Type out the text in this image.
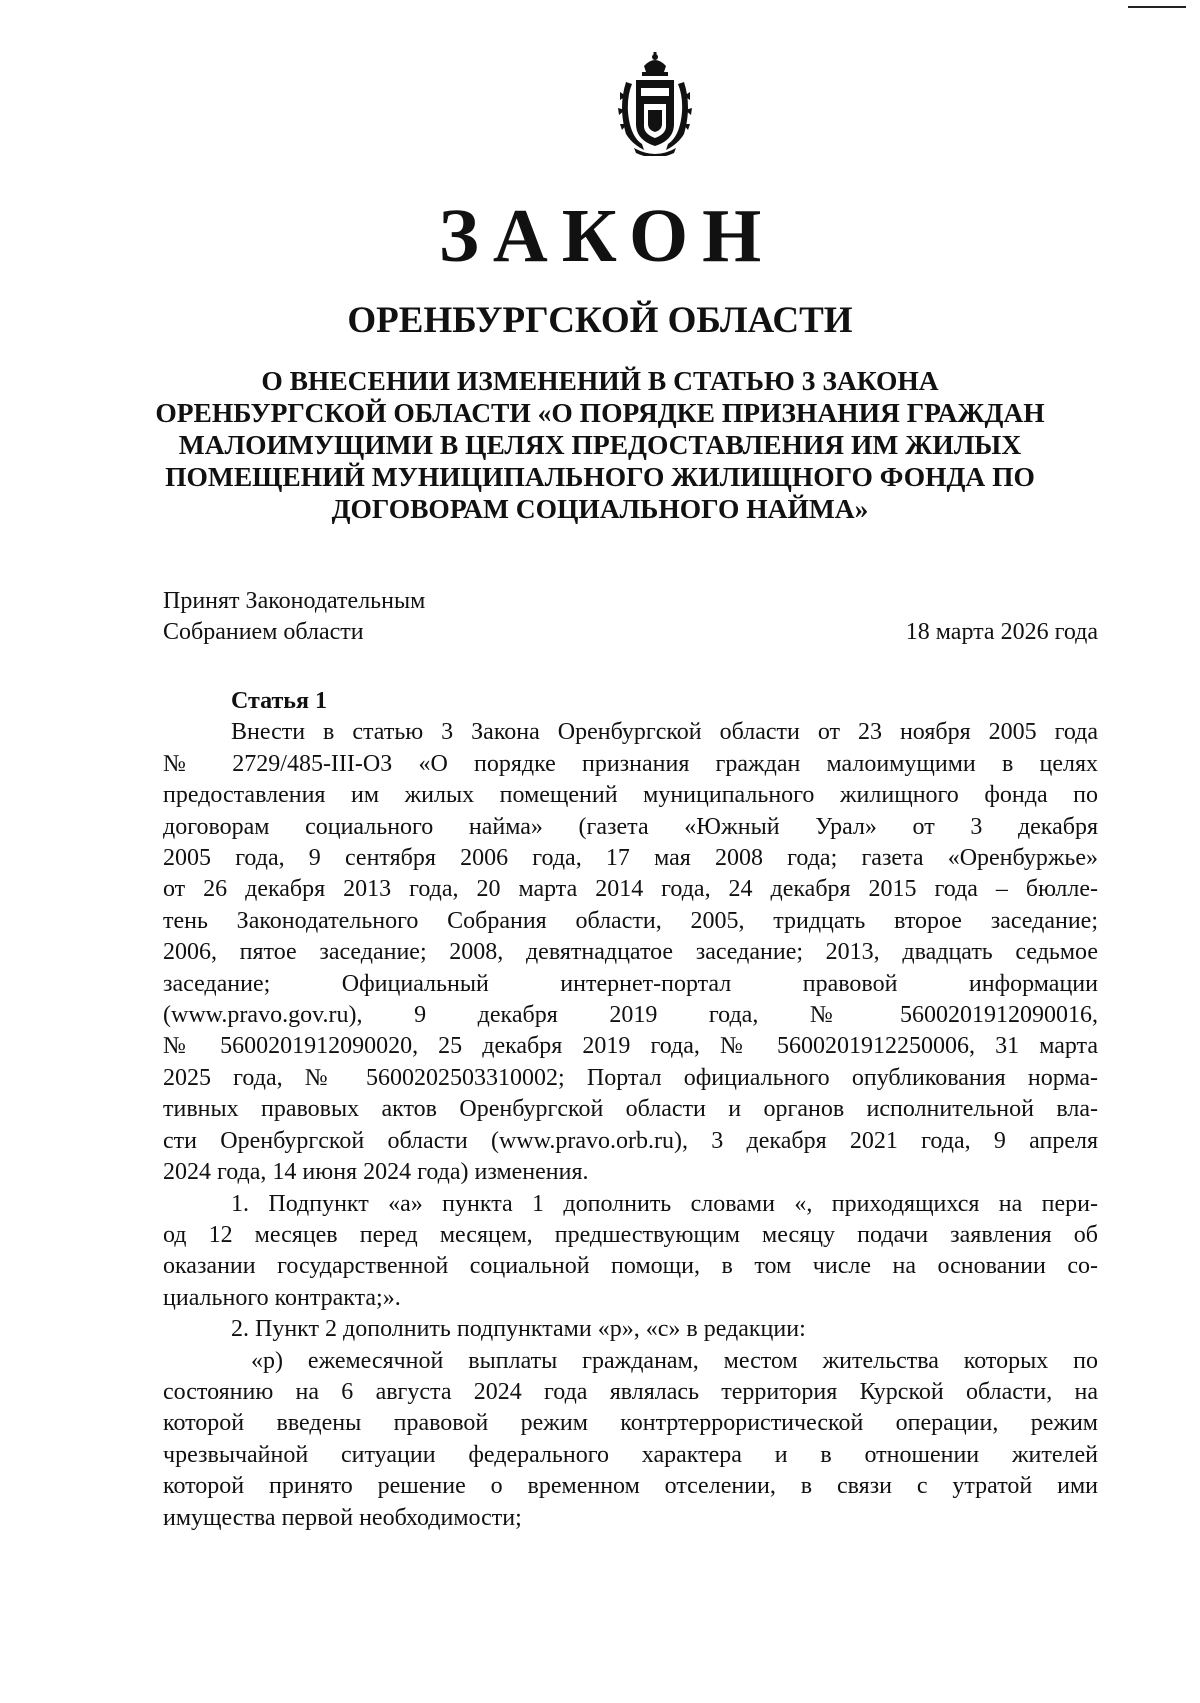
ЗАКОН
ОРЕНБУРГСКОЙ ОБЛАСТИ
О ВНЕСЕНИИ ИЗМЕНЕНИЙ В СТАТЬЮ 3 ЗАКОНА
ОРЕНБУРГСКОЙ ОБЛАСТИ «О ПОРЯДКЕ ПРИЗНАНИЯ ГРАЖДАН
МАЛОИМУЩИМИ В ЦЕЛЯХ ПРЕДОСТАВЛЕНИЯ ИМ ЖИЛЫХ
ПОМЕЩЕНИЙ МУНИЦИПАЛЬНОГО ЖИЛИЩНОГО ФОНДА ПО
ДОГОВОРАМ СОЦИАЛЬНОГО НАЙМА»
Принят Законодательным
Собранием области	18 марта 2026 года
Статья 1
Внести в статью 3 Закона Оренбургской области от 23 ноября 2005 года
№ 2729/485-III-ОЗ «О порядке признания граждан малоимущими в целях
предоставления им жилых помещений муниципального жилищного фонда по
договорам социального найма» (газета «Южный Урал» от 3 декабря
2005 года, 9 сентября 2006 года, 17 мая 2008 года; газета «Оренбуржье»
от 26 декабря 2013 года, 20 марта 2014 года, 24 декабря 2015 года – бюлле-
тень Законодательного Собрания области, 2005, тридцать второе заседание;
2006, пятое заседание; 2008, девятнадцатое заседание; 2013, двадцать седьмое
заседание; Официальный интернет-портал правовой информации
(www.pravo.gov.ru), 9 декабря 2019 года, № 5600201912090016,
№ 5600201912090020, 25 декабря 2019 года, № 5600201912250006, 31 марта
2025 года, № 5600202503310002; Портал официального опубликования норма-
тивных правовых актов Оренбургской области и органов исполнительной вла-
сти Оренбургской области (www.pravo.orb.ru), 3 декабря 2021 года, 9 апреля
2024 года, 14 июня 2024 года) изменения.
1. Подпункт «а» пункта 1 дополнить словами «, приходящихся на пери-
од 12 месяцев перед месяцем, предшествующим месяцу подачи заявления об
оказании государственной социальной помощи, в том числе на основании со-
циального контракта;».
2. Пункт 2 дополнить подпунктами «р», «с» в редакции:
«р) ежемесячной выплаты гражданам, местом жительства которых по
состоянию на 6 августа 2024 года являлась территория Курской области, на
которой введены правовой режим контртеррористической операции, режим
чрезвычайной ситуации федерального характера и в отношении жителей
которой принято решение о временном отселении, в связи с утратой ими
имущества первой необходимости;
